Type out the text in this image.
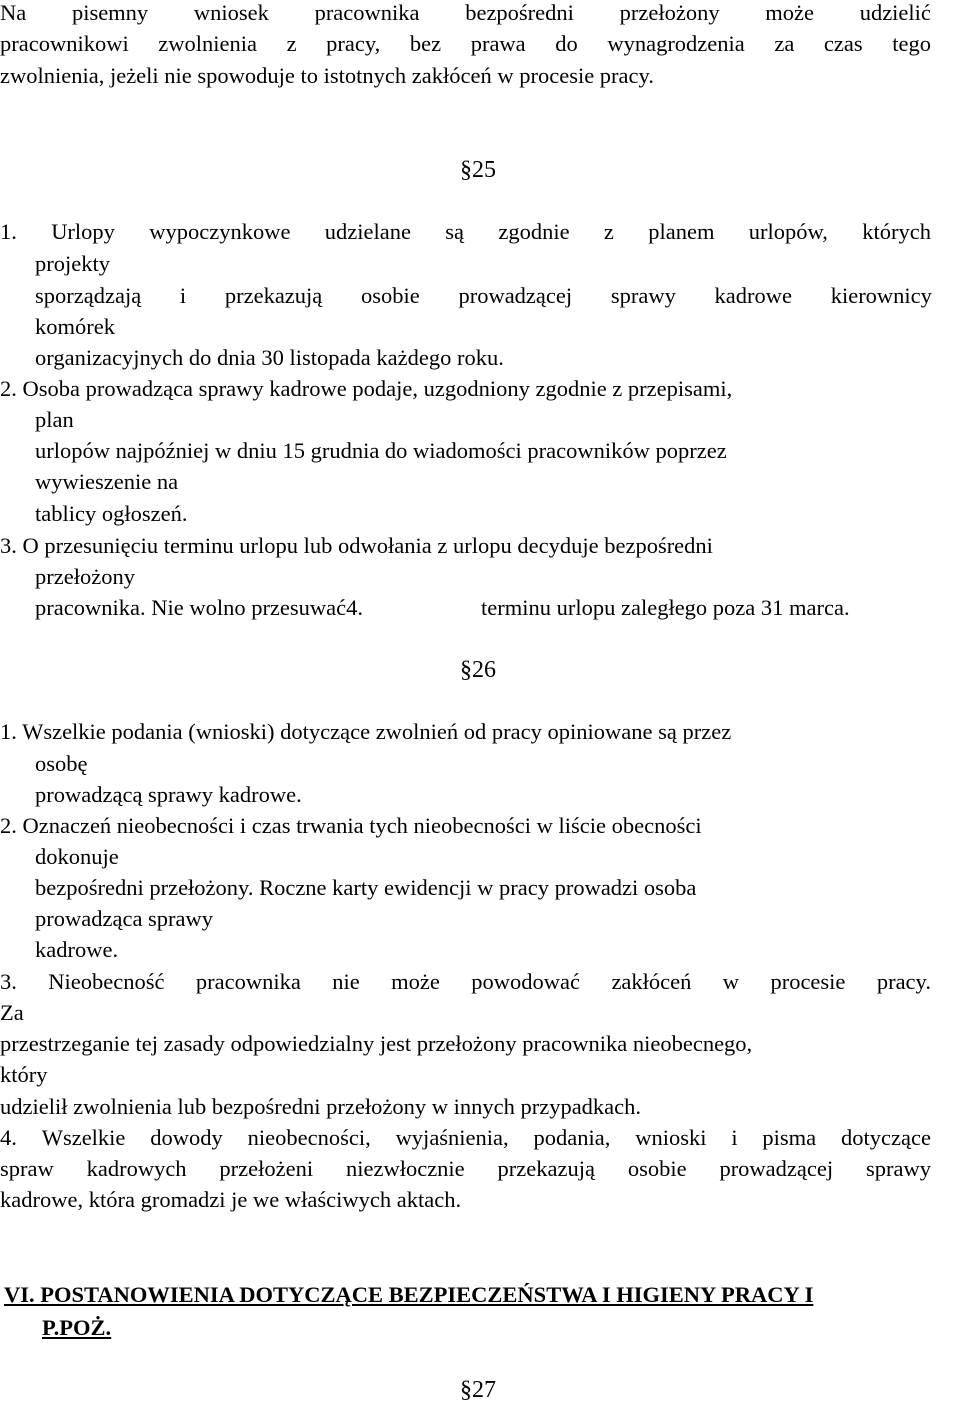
Na pisemny wniosek pracownika bezpośredni przełożony może udzielić
pracownikowi zwolnienia z pracy, bez prawa do wynagrodzenia za czas tego
zwolnienia, jeżeli nie spowoduje to istotnych zakłóceń w procesie pracy.
§25
1. Urlopy wypoczynkowe udzielane są zgodnie z planem urlopów, których
projekty
sporządzają i przekazują osobie prowadzącej sprawy kadrowe kierownicy
komórek
organizacyjnych do dnia 30 listopada każdego roku.
2. Osoba prowadząca sprawy kadrowe podaje, uzgodniony zgodnie z przepisami,
plan
urlopów najpóźniej w dniu 15 grudnia do wiadomości pracowników poprzez
wywieszenie na
tablicy ogłoszeń.
3. O przesunięciu terminu urlopu lub odwołania z urlopu decyduje bezpośredni
przełożony
pracownika. Nie wolno przesuwać4.	terminu urlopu zaległego poza 31 marca.
§26
1. Wszelkie podania (wnioski) dotyczące zwolnień od pracy opiniowane są przez
osobę
prowadzącą sprawy kadrowe.
2. Oznaczeń nieobecności i czas trwania tych nieobecności w liście obecności
dokonuje
bezpośredni przełożony. Roczne karty ewidencji w pracy prowadzi osoba
prowadząca sprawy
kadrowe.
3. Nieobecność pracownika nie może powodować zakłóceń w procesie pracy.
Za
przestrzeganie tej zasady odpowiedzialny jest przełożony pracownika nieobecnego,
który
udzielił zwolnienia lub bezpośredni przełożony w innych przypadkach.
4. Wszelkie dowody nieobecności, wyjaśnienia, podania, wnioski i pisma dotyczące
spraw kadrowych przełożeni niezwłocznie przekazują osobie prowadzącej sprawy
kadrowe, która gromadzi je we właściwych aktach.
VI. POSTANOWIENIA DOTYCZĄCE BEZPIECZEŃSTWA I HIGIENY PRACY I
P.POŻ.
§27
